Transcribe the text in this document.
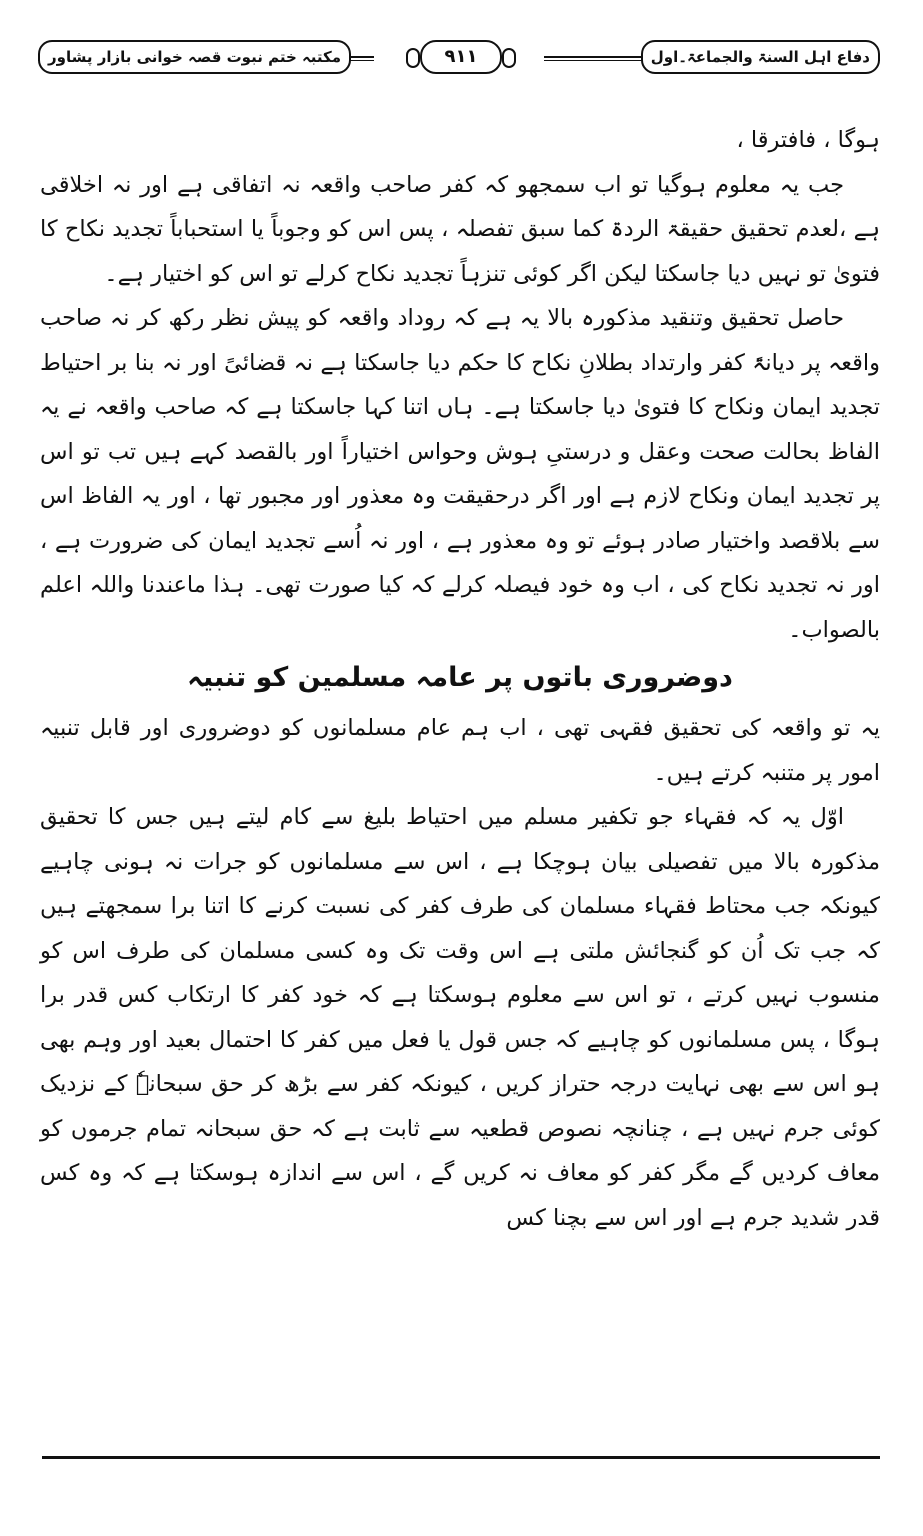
مکتبہ ختم نبوت قصہ خوانی بازار پشاور	۹۱۱	دفاع اہل السنۃ والجماعۃ۔اول

ہوگا ، فافترقا ،

جب یہ معلوم ہوگیا تو اب سمجھو کہ کفر صاحب واقعہ نہ اتفاقی ہے اور نہ اخلاقی ہے ،لعدم تحقیق حقیقۃ الردۃ کما سبق تفصلہ ، پس اس کو وجوباً یا استحباباً تجدید نکاح کا فتویٰ تو نہیں دیا جاسکتا لیکن اگر کوئی تنزہاً تجدید نکاح کرلے تو اس کو اختیار ہے۔

حاصل تحقیق وتنقید مذکورہ بالا یہ ہے کہ روداد واقعہ کو پیش نظر رکھ کر نہ صاحب واقعہ پر دیانۃً کفر وارتداد بطلانِ نکاح کا حکم دیا جاسکتا ہے نہ قضائیً اور نہ بنا بر احتیاط تجدید ایمان ونکاح کا فتویٰ دیا جاسکتا ہے۔ ہاں اتنا کہا جاسکتا ہے کہ صاحب واقعہ نے یہ الفاظ بحالت صحت وعقل و درستیِ ہوش وحواس اختیاراً اور بالقصد کہے ہیں تب تو اس پر تجدید ایمان ونکاح لازم ہے اور اگر درحقیقت وہ معذور اور مجبور تھا ، اور یہ الفاظ اس سے بلاقصد واختیار صادر ہوئے تو وہ معذور ہے ، اور نہ اُسے تجدید ایمان کی ضرورت ہے ، اور نہ تجدید نکاح کی ، اب وہ خود فیصلہ کرلے کہ کیا صورت تھی۔ ہذا ماعندنا واللہ اعلم بالصواب۔

دوضروری باتوں پر عامہ مسلمین کو تنبیہ

یہ تو واقعہ کی تحقیق فقہی تھی ، اب ہم عام مسلمانوں کو دوضروری اور قابل تنبیہ امور پر متنبہ کرتے ہیں۔

اوّل یہ کہ فقہاء جو تکفیر مسلم میں احتیاط بلیغ سے کام لیتے ہیں جس کا تحقیق مذکورہ بالا میں تفصیلی بیان ہوچکا ہے ، اس سے مسلمانوں کو جرات نہ ہونی چاہیے کیونکہ جب محتاط فقہاء مسلمان کی طرف کفر کی نسبت کرنے کا اتنا برا سمجھتے ہیں کہ جب تک اُن کو گنجائش ملتی ہے اس وقت تک وہ کسی مسلمان کی طرف اس کو منسوب نہیں کرتے ، تو اس سے معلوم ہوسکتا ہے کہ خود کفر کا ارتکاب کس قدر برا ہوگا ، پس مسلمانوں کو چاہیے کہ جس قول یا فعل میں کفر کا احتمال بعید اور وہم بھی ہو اس سے بھی نہایت درجہ حتراز کریں ، کیونکہ کفر سے بڑھ کر حق سبحانہٗ کے نزدیک کوئی جرم نہیں ہے ، چنانچہ نصوص قطعیہ سے ثابت ہے کہ حق سبحانہ تمام جرموں کو معاف کردیں گے مگر کفر کو معاف نہ کریں گے ، اس سے اندازہ ہوسکتا ہے کہ وہ کس قدر شدید جرم ہے اور اس سے بچنا کس
